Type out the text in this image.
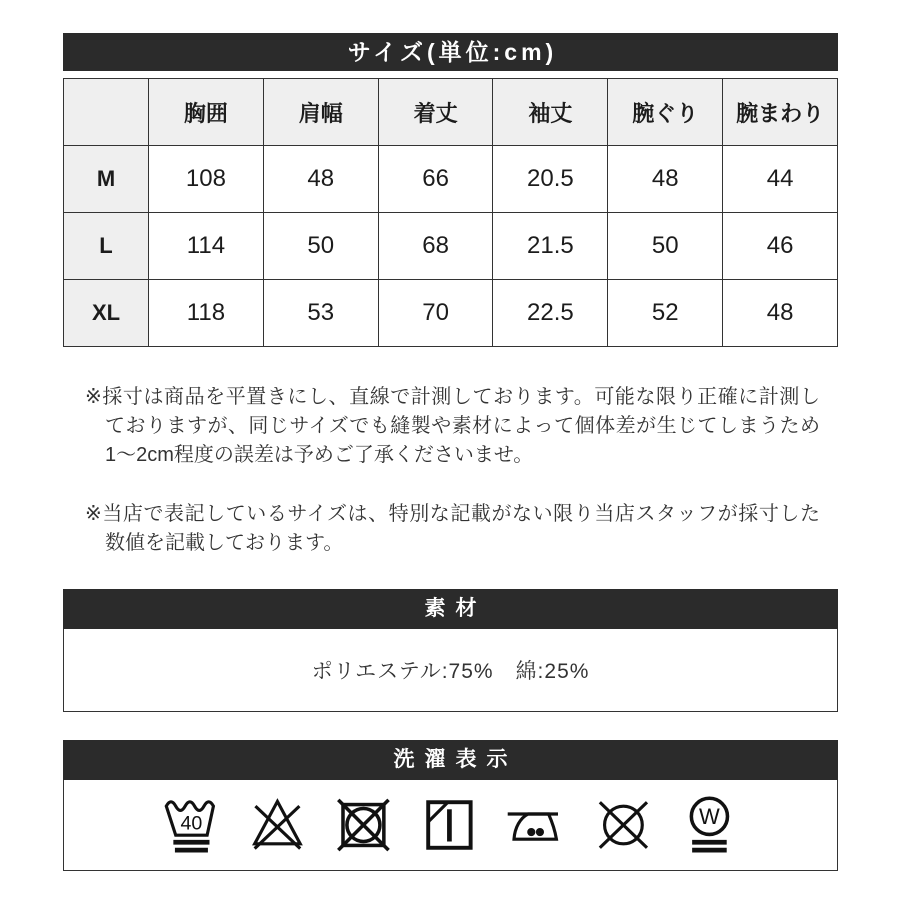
サイズ(単位:cm)
	胸囲	肩幅	着丈	袖丈	腕ぐり	腕まわり
M	108	48	66	20.5	48	44
L	114	50	68	21.5	50	46
XL	118	53	70	22.5	52	48

※採寸は商品を平置きにし、直線で計測しております。可能な限り正確に計測しておりますが、同じサイズでも縫製や素材によって個体差が生じてしまうため1〜2cm程度の誤差は予めご了承くださいませ。

※当店で表記しているサイズは、特別な記載がない限り当店スタッフが採寸した数値を記載しております。

素材
ポリエステル:75%　綿:25%
洗濯表示
40	W
